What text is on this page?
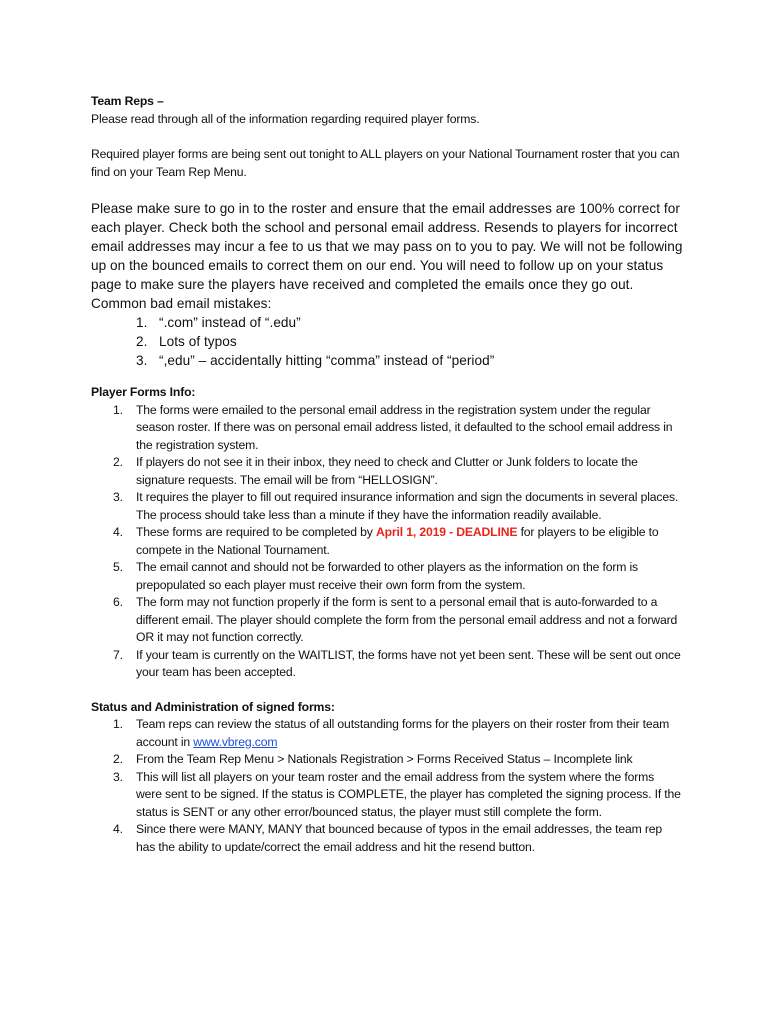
Team Reps –

Please read through all of the information regarding required player forms.

Required player forms are being sent out tonight to ALL players on your National Tournament roster that you can find on your Team Rep Menu.

Please make sure to go in to the roster and ensure that the email addresses are 100% correct for each player. Check both the school and personal email address. Resends to players for incorrect email addresses may incur a fee to us that we may pass on to you to pay. We will not be following up on the bounced emails to correct them on our end. You will need to follow up on your status page to make sure the players have received and completed the emails once they go out.

Common bad email mistakes:

1. “.com” instead of “.edu”
2. Lots of typos
3. “,edu” – accidentally hitting “comma” instead of “period”

Player Forms Info:

1. The forms were emailed to the personal email address in the registration system under the regular season roster. If there was on personal email address listed, it defaulted to the school email address in the registration system.
2. If players do not see it in their inbox, they need to check and Clutter or Junk folders to locate the signature requests. The email will be from “HELLOSIGN”.
3. It requires the player to fill out required insurance information and sign the documents in several places. The process should take less than a minute if they have the information readily available.
4. These forms are required to be completed by April 1, 2019 - DEADLINE for players to be eligible to compete in the National Tournament.
5. The email cannot and should not be forwarded to other players as the information on the form is prepopulated so each player must receive their own form from the system.
6. The form may not function properly if the form is sent to a personal email that is auto-forwarded to a different email. The player should complete the form from the personal email address and not a forward OR it may not function correctly.
7. If your team is currently on the WAITLIST, the forms have not yet been sent. These will be sent out once your team has been accepted.

Status and Administration of signed forms:

1. Team reps can review the status of all outstanding forms for the players on their roster from their team account in www.vbreg.com
2. From the Team Rep Menu > Nationals Registration > Forms Received Status – Incomplete link
3. This will list all players on your team roster and the email address from the system where the forms were sent to be signed. If the status is COMPLETE, the player has completed the signing process. If the status is SENT or any other error/bounced status, the player must still complete the form.
4. Since there were MANY, MANY that bounced because of typos in the email addresses, the team rep has the ability to update/correct the email address and hit the resend button.
